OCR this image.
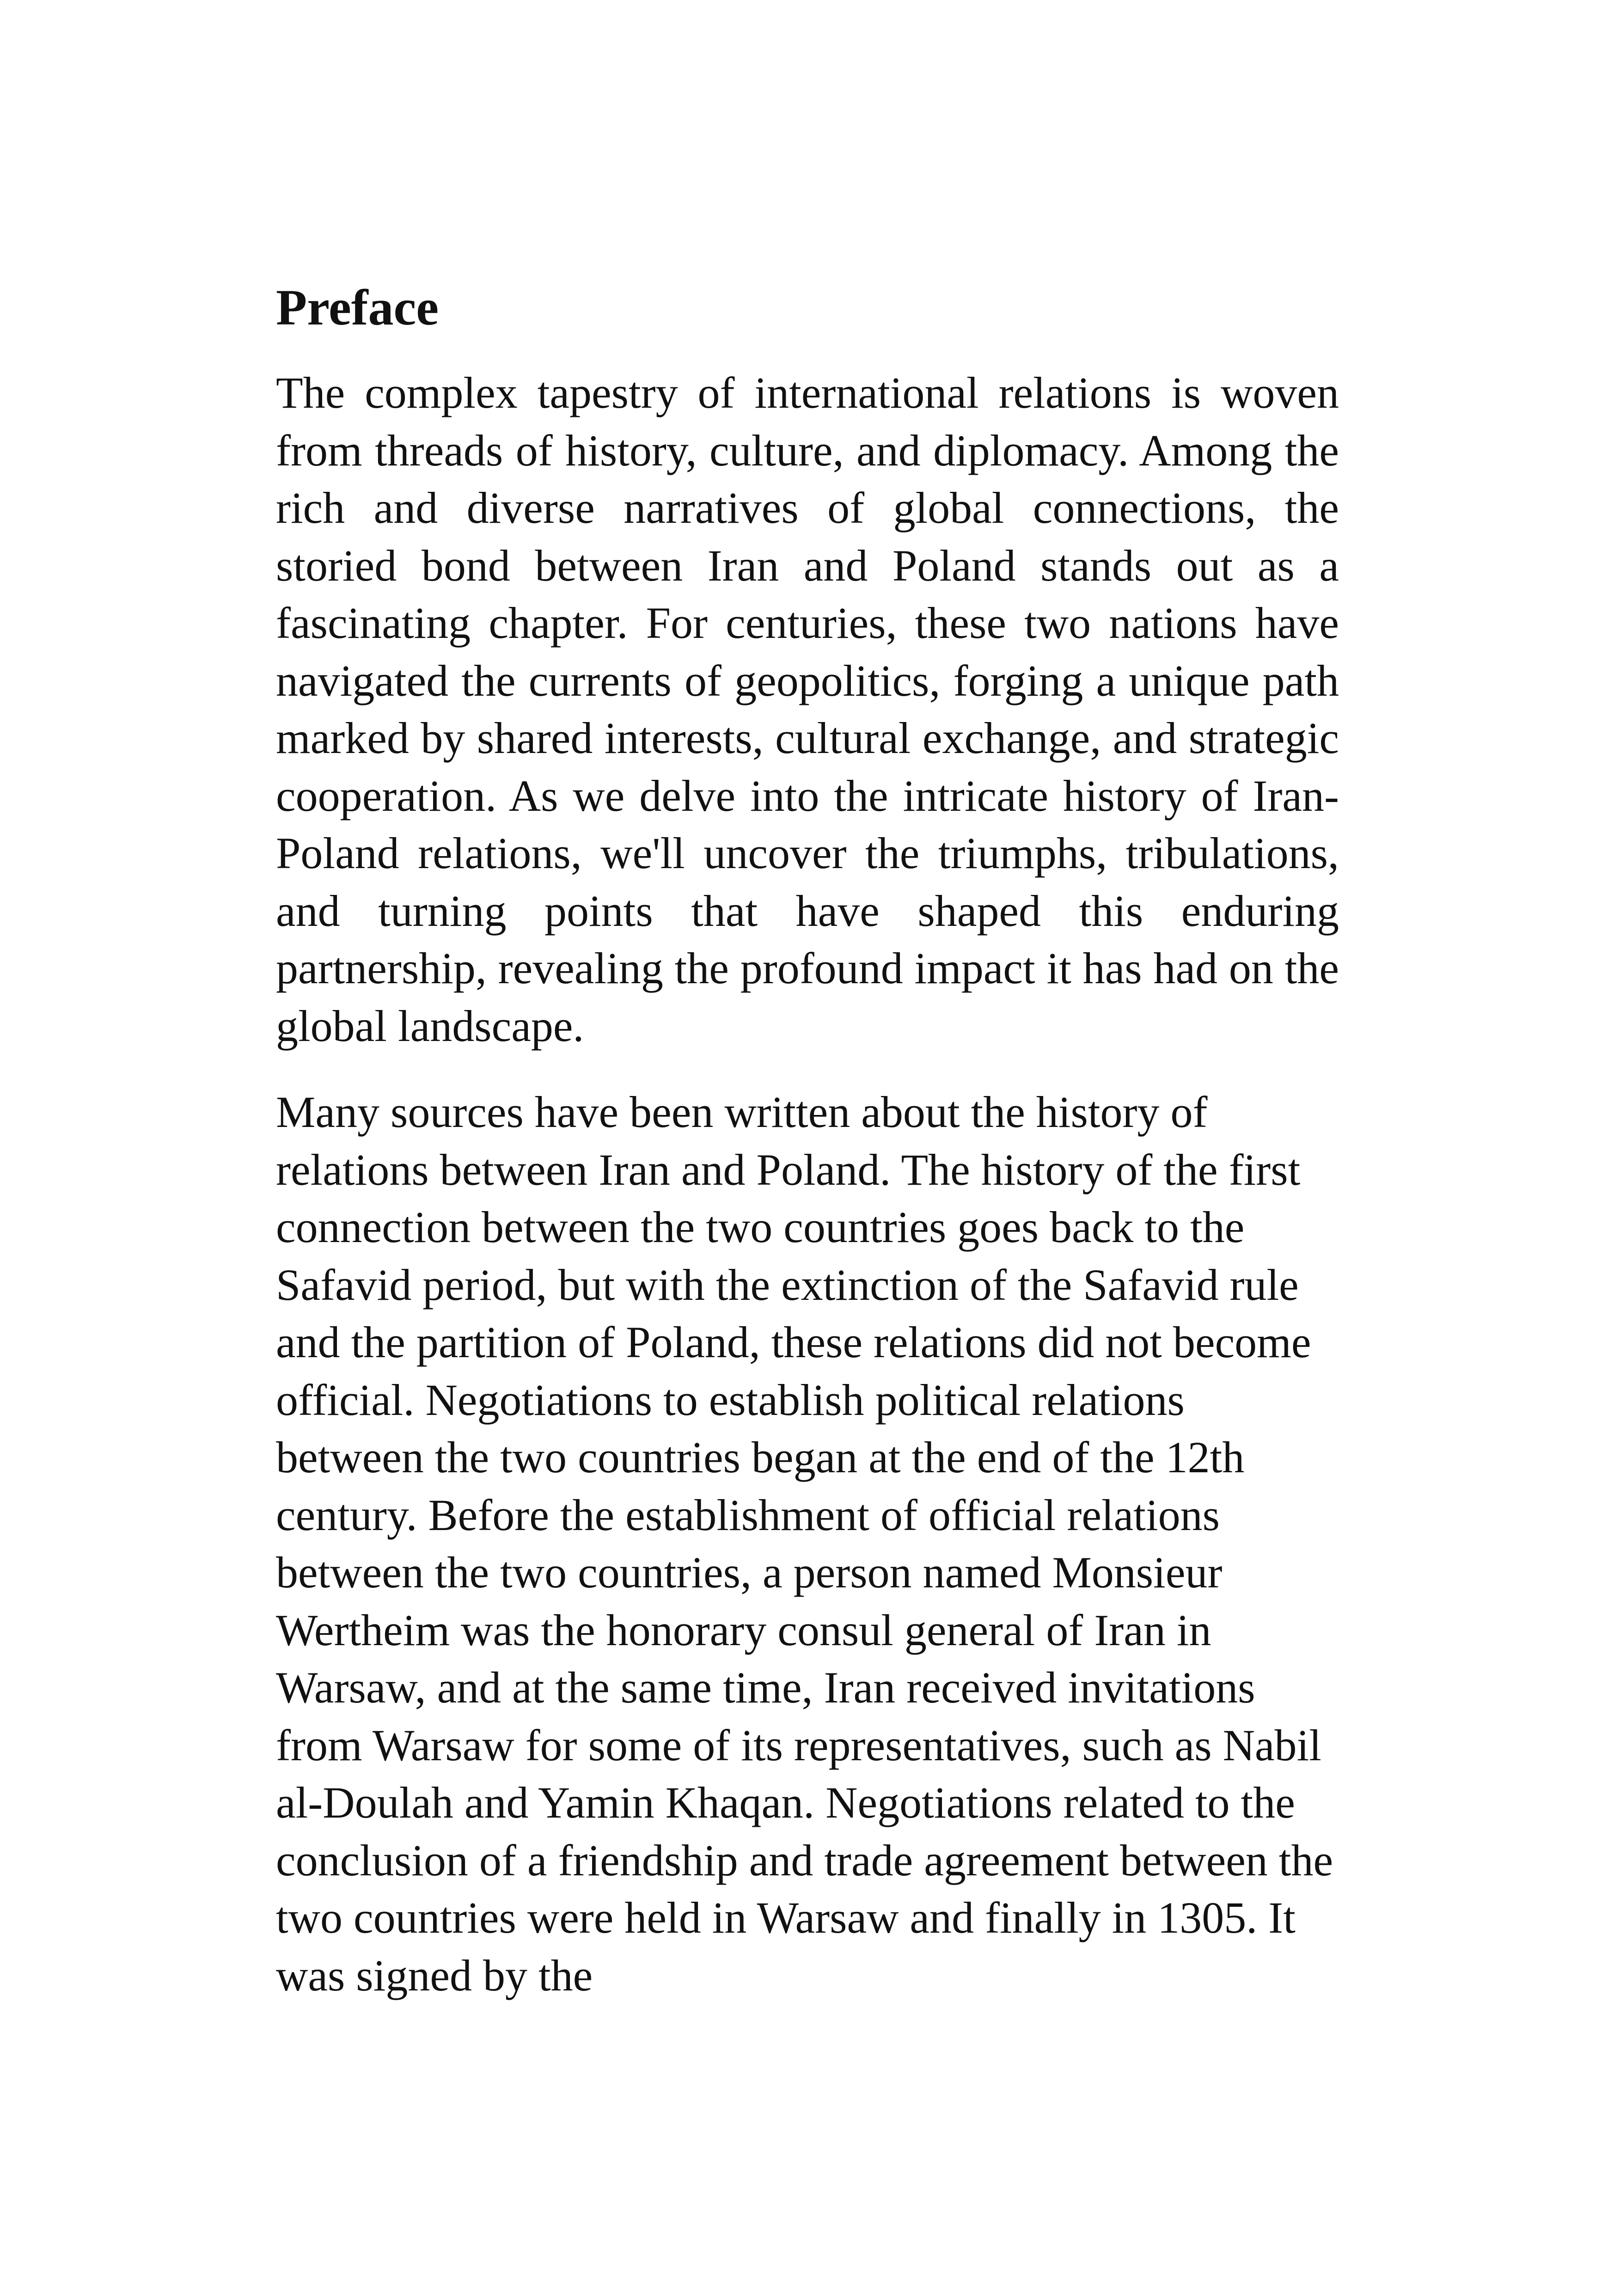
Preface

The complex tapestry of international relations is woven from threads of history, culture, and diplomacy. Among the rich and diverse narratives of global connections, the storied bond between Iran and Poland stands out as a fascinating chapter. For centuries, these two nations have navigated the currents of geopolitics, forging a unique path marked by shared interests, cultural exchange, and strategic cooperation. As we delve into the intricate history of Iran-Poland relations, we'll uncover the triumphs, tribulations, and turning points that have shaped this enduring partnership, revealing the profound impact it has had on the global landscape.

Many sources have been written about the history of relations between Iran and Poland. The history of the first connection between the two countries goes back to the Safavid period, but with the extinction of the Safavid rule and the partition of Poland, these relations did not become official. Negotiations to establish political relations between the two countries began at the end of the 12th century. Before the establishment of official relations between the two countries, a person named Monsieur Wertheim was the honorary consul general of Iran in Warsaw, and at the same time, Iran received invitations from Warsaw for some of its representatives, such as Nabil al-Doulah and Yamin Khaqan. Negotiations related to the conclusion of a friendship and trade agreement between the two countries were held in Warsaw and finally in 1305. It was signed by the
